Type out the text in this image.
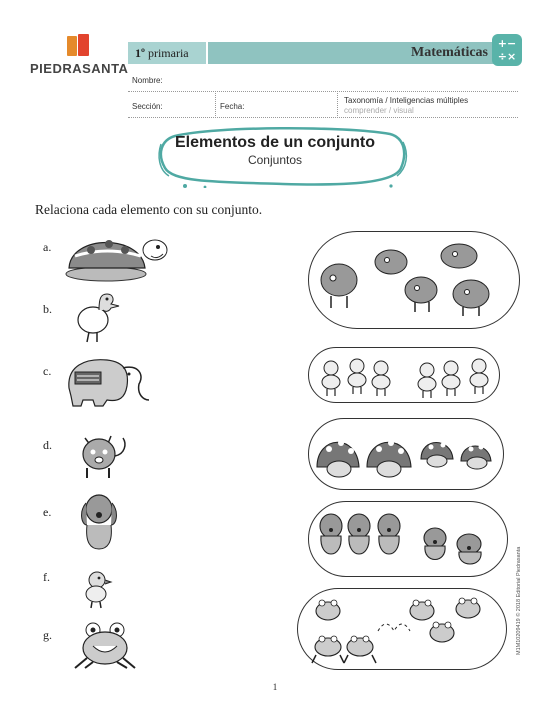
PIEDRASANTA
1º primaria	Matemáticas
+−
÷×
Nombre:
Sección:	Fecha:
Taxonomía / Inteligencias múltiples
comprender / visual
Elementos de un conjunto
Conjuntos
Relaciona cada elemento con su conjunto.
a.
b.
c.
d.
e.
f.
g.
1
M1M10209419 © 2018 Editorial Piedrasanta
